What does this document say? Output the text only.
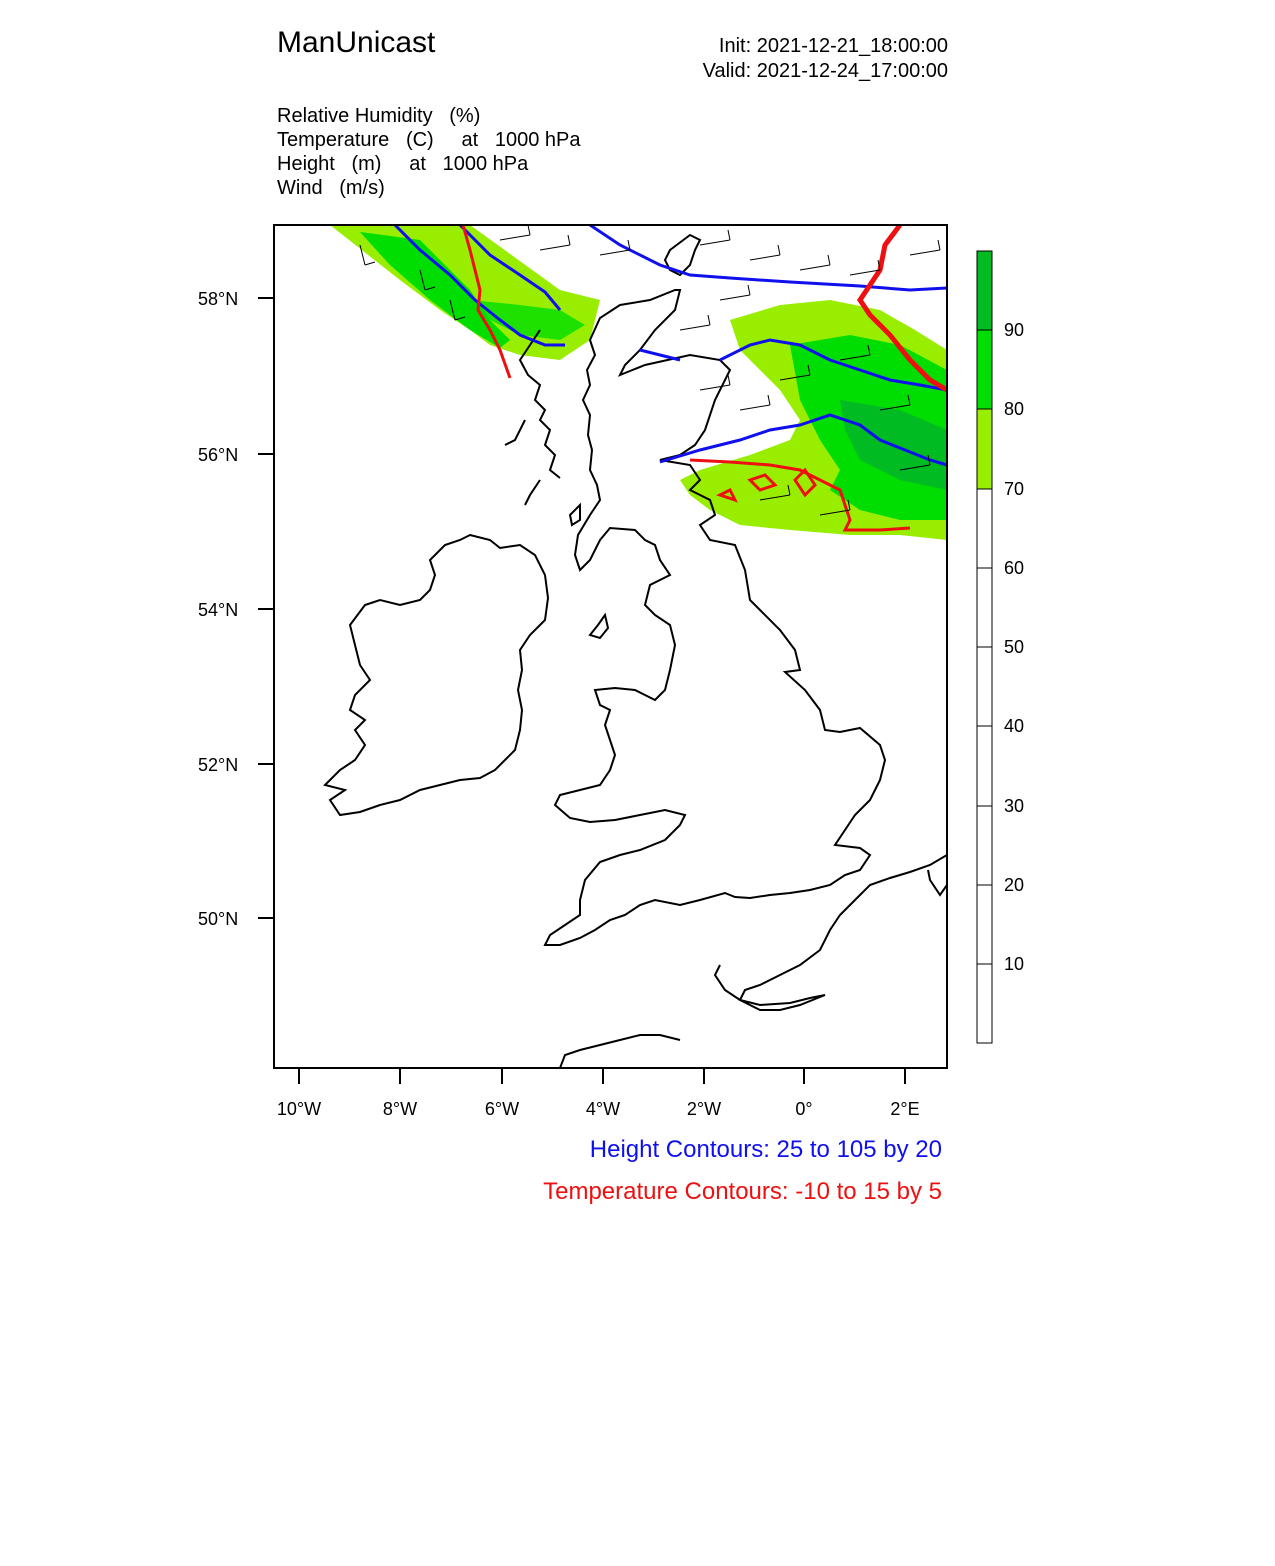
ManUnicast	Init: 2021-12-21_18:00:00
Valid: 2021-12-24_17:00:00
Relative Humidity   (%)
Temperature   (C)     at   1000 hPa
Height   (m)     at   1000 hPa
Wind   (m/s)
58°N
56°N
54°N
52°N
50°N
10°W	8°W	6°W	4°W	2°W	0°	2°E
10
20
30
40
50
60
70
80
90
Height Contours: 25 to 105 by 20
Temperature Contours: -10 to 15 by 5
